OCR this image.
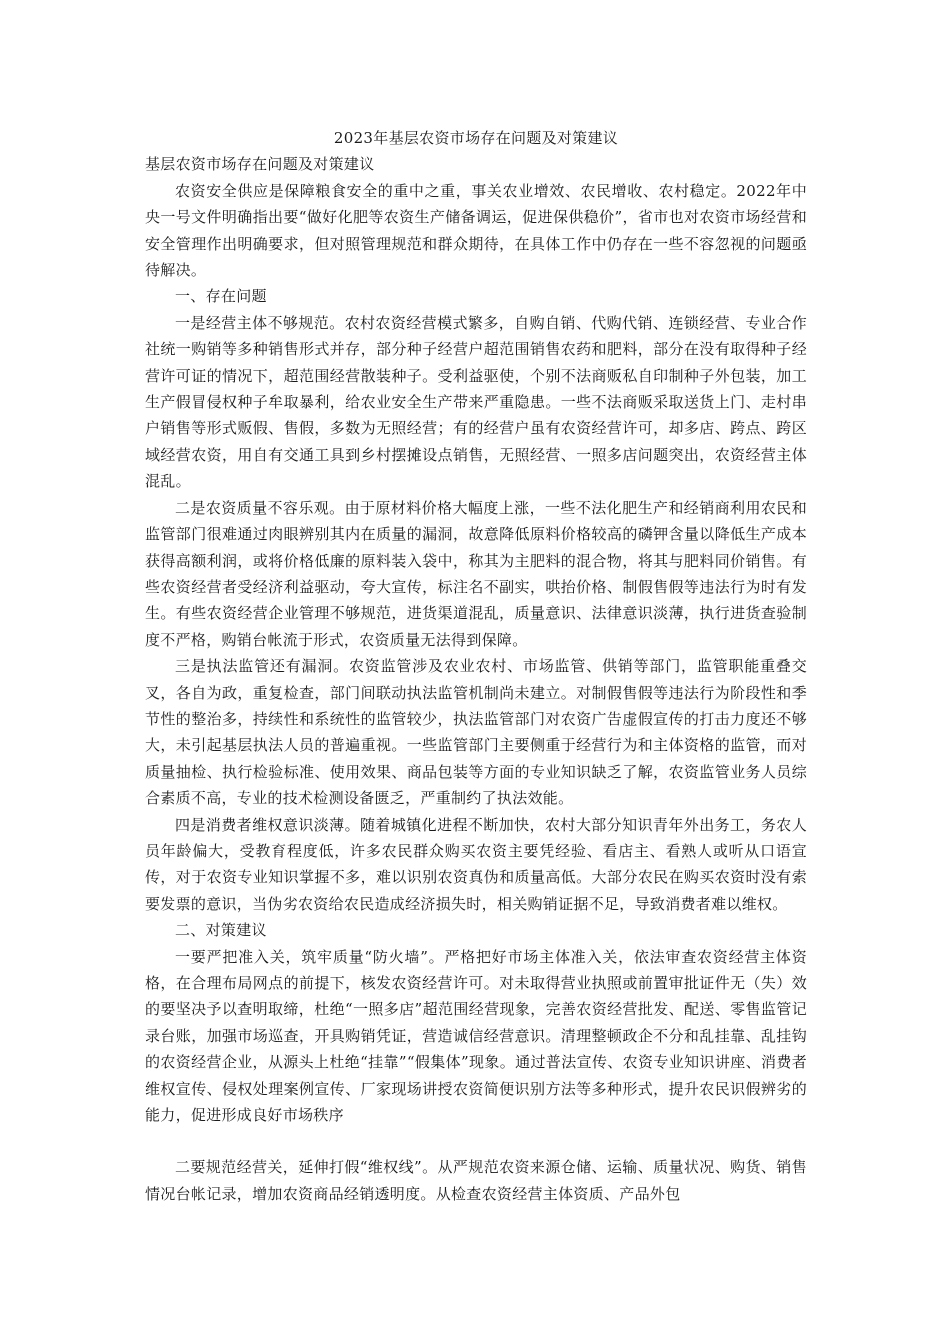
2023年基层农资市场存在问题及对策建议

基层农资市场存在问题及对策建议

农资安全供应是保障粮食安全的重中之重，事关农业增效、农民增收、农村稳定。2022年中央一号文件明确指出要“做好化肥等农资生产储备调运，促进保供稳价”，省市也对农资市场经营和安全管理作出明确要求，但对照管理规范和群众期待，在具体工作中仍存在一些不容忽视的问题亟待解决。

一、存在问题

一是经营主体不够规范。农村农资经营模式繁多，自购自销、代购代销、连锁经营、专业合作社统一购销等多种销售形式并存，部分种子经营户超范围销售农药和肥料，部分在没有取得种子经营许可证的情况下，超范围经营散装种子。受利益驱使，个别不法商贩私自印制种子外包装，加工生产假冒侵权种子牟取暴利，给农业安全生产带来严重隐患。一些不法商贩采取送货上门、走村串户销售等形式贩假、售假，多数为无照经营；有的经营户虽有农资经营许可，却多店、跨点、跨区域经营农资，用自有交通工具到乡村摆摊设点销售，无照经营、一照多店问题突出，农资经营主体混乱。

二是农资质量不容乐观。由于原材料价格大幅度上涨，一些不法化肥生产和经销商利用农民和监管部门很难通过肉眼辨别其内在质量的漏洞，故意降低原料价格较高的磷钾含量以降低生产成本获得高额利润，或将价格低廉的原料装入袋中，称其为主肥料的混合物，将其与肥料同价销售。有些农资经营者受经济利益驱动，夸大宣传，标注名不副实，哄抬价格、制假售假等违法行为时有发生。有些农资经营企业管理不够规范，进货渠道混乱，质量意识、法律意识淡薄，执行进货查验制度不严格，购销台帐流于形式，农资质量无法得到保障。

三是执法监管还有漏洞。农资监管涉及农业农村、市场监管、供销等部门，监管职能重叠交叉，各自为政，重复检查，部门间联动执法监管机制尚未建立。对制假售假等违法行为阶段性和季节性的整治多，持续性和系统性的监管较少，执法监管部门对农资广告虚假宣传的打击力度还不够大，未引起基层执法人员的普遍重视。一些监管部门主要侧重于经营行为和主体资格的监管，而对质量抽检、执行检验标准、使用效果、商品包装等方面的专业知识缺乏了解，农资监管业务人员综合素质不高，专业的技术检测设备匮乏，严重制约了执法效能。

四是消费者维权意识淡薄。随着城镇化进程不断加快，农村大部分知识青年外出务工，务农人员年龄偏大，受教育程度低，许多农民群众购买农资主要凭经验、看店主、看熟人或听从口语宣传，对于农资专业知识掌握不多，难以识别农资真伪和质量高低。大部分农民在购买农资时没有索要发票的意识，当伪劣农资给农民造成经济损失时，相关购销证据不足，导致消费者难以维权。

二、对策建议

一要严把准入关，筑牢质量“防火墙”。严格把好市场主体准入关，依法审查农资经营主体资格，在合理布局网点的前提下，核发农资经营许可。对未取得营业执照或前置审批证件无（失）效的要坚决予以查明取缔，杜绝“一照多店”超范围经营现象，完善农资经营批发、配送、零售监管记录台账，加强市场巡查，开具购销凭证，营造诚信经营意识。清理整顿政企不分和乱挂靠、乱挂钩的农资经营企业，从源头上杜绝“挂靠”“假集体”现象。通过普法宣传、农资专业知识讲座、消费者维权宣传、侵权处理案例宣传、厂家现场讲授农资简便识别方法等多种形式，提升农民识假辨劣的能力，促进形成良好市场秩序

二要规范经营关，延伸打假“维权线”。从严规范农资来源仓储、运输、质量状况、购货、销售情况台帐记录，增加农资商品经销透明度。从检查农资经营主体资质、产品外包
